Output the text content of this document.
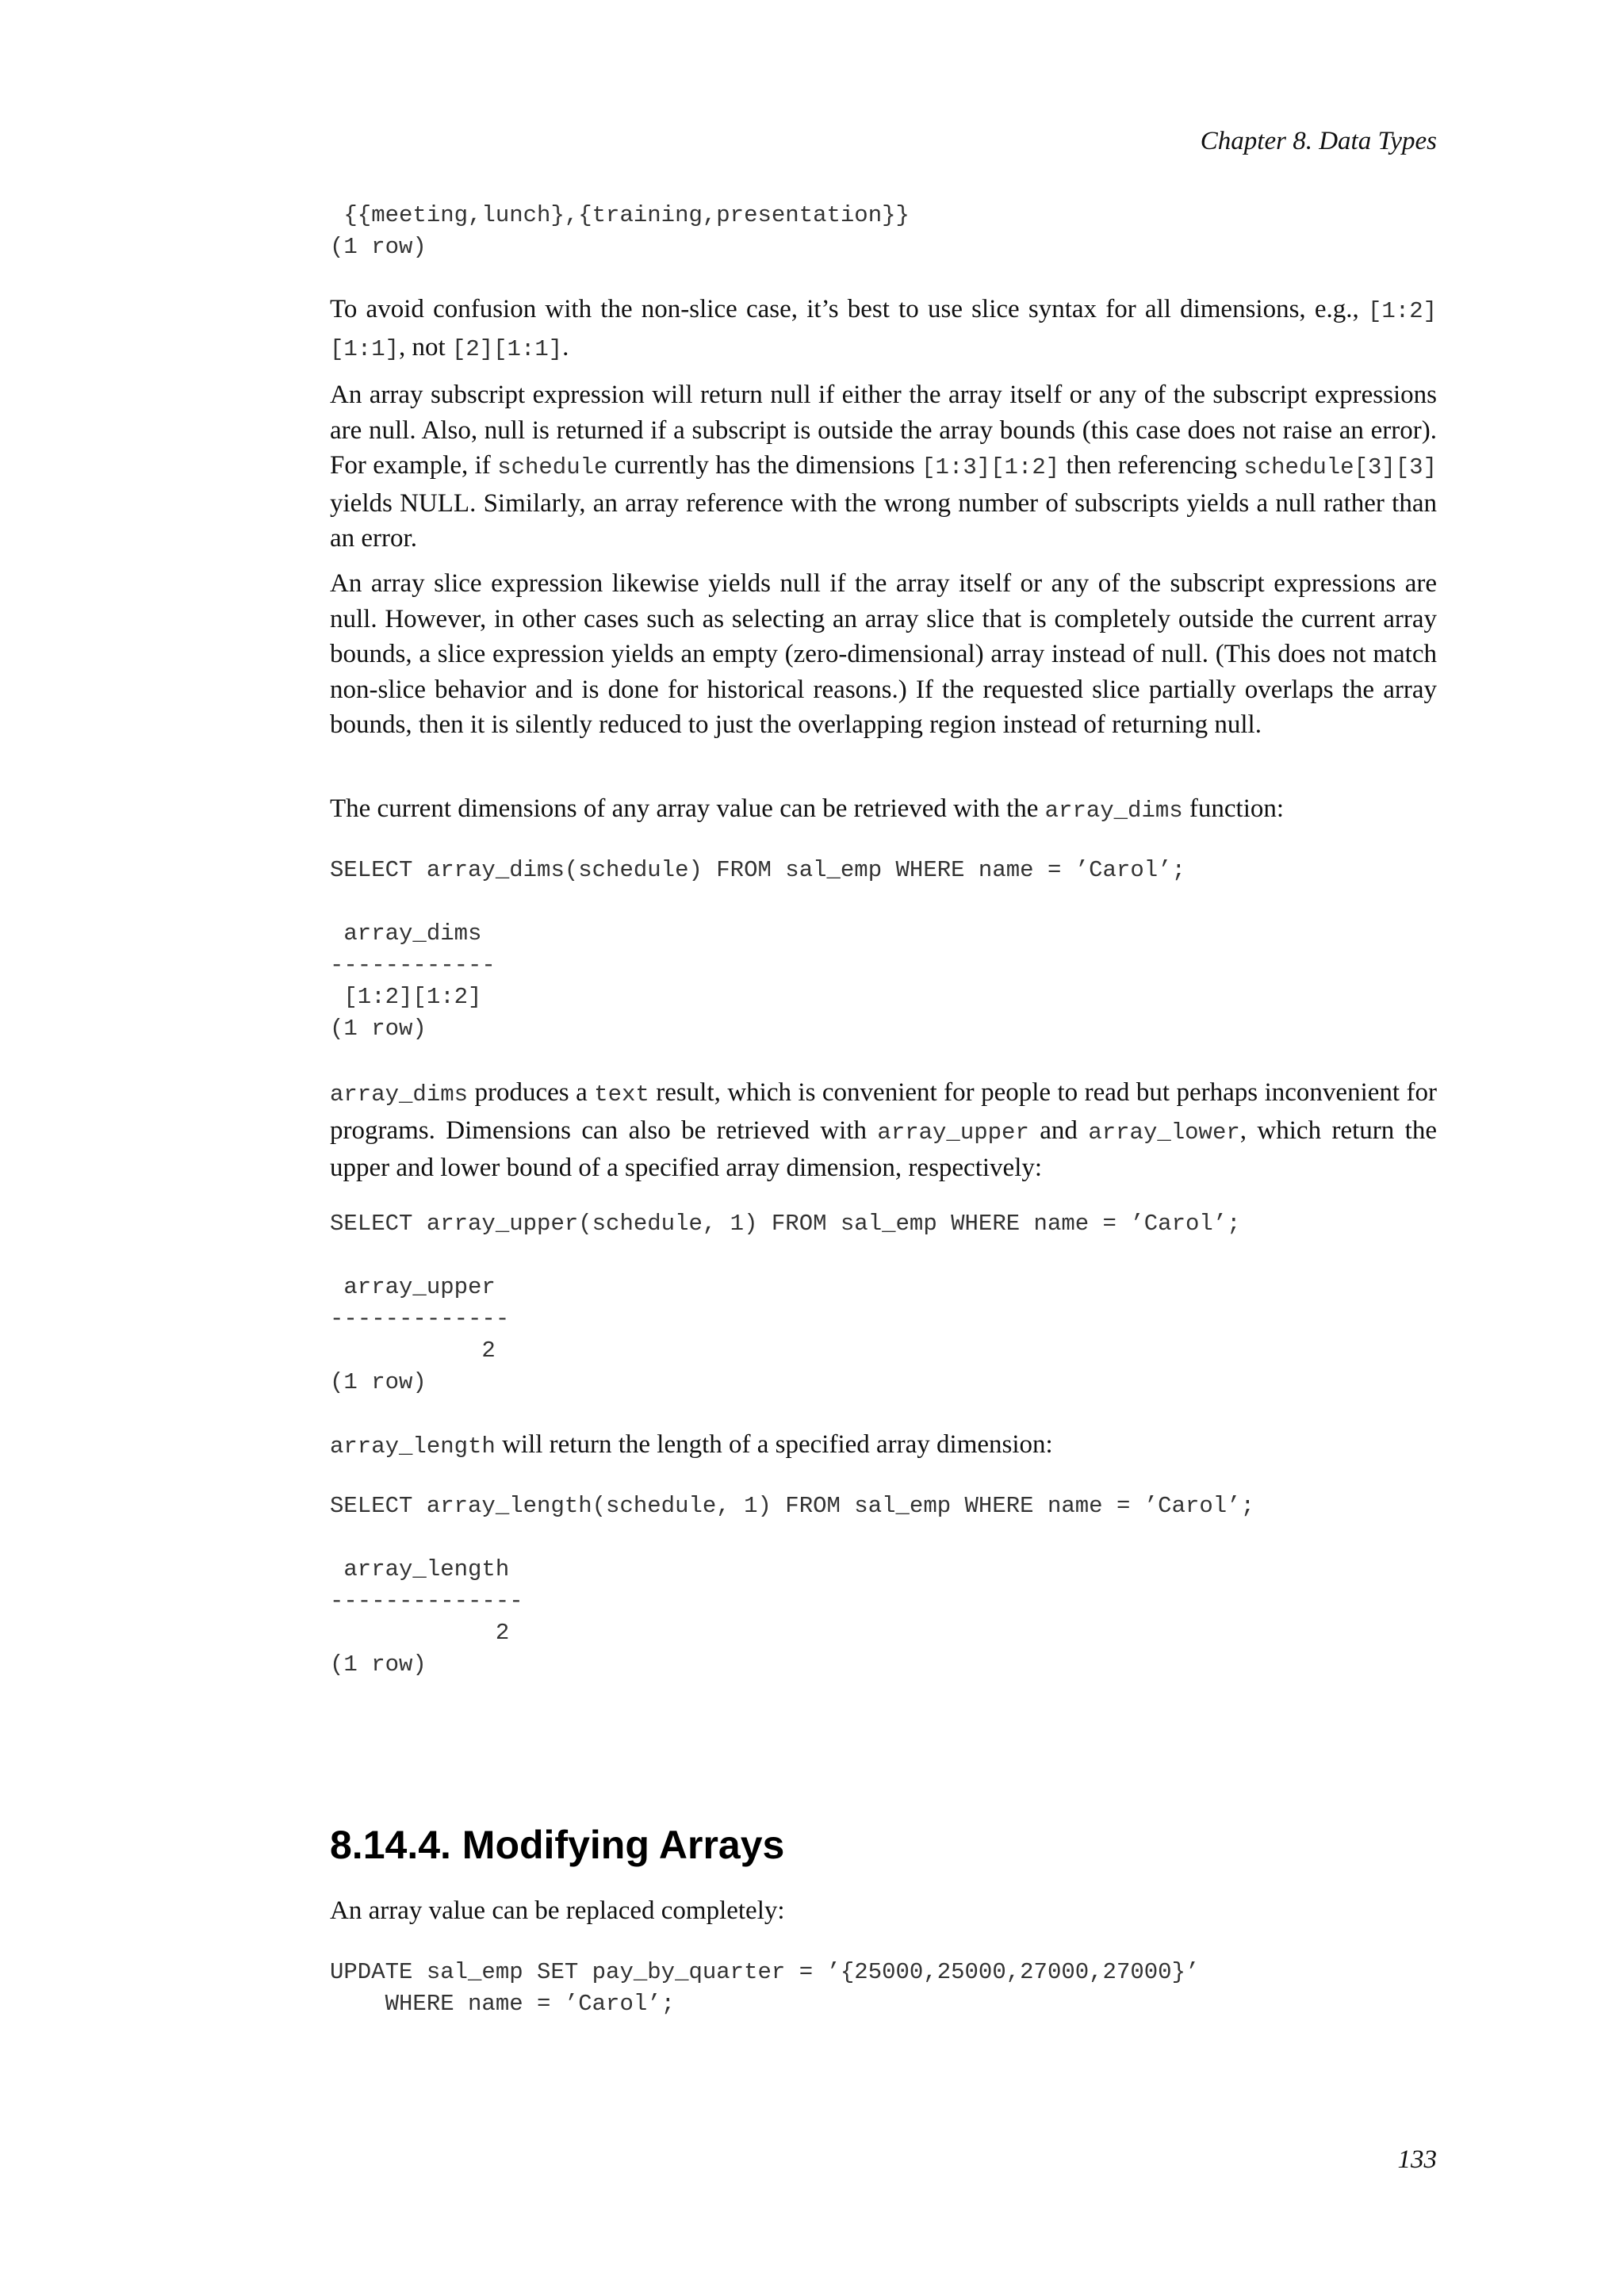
Chapter 8. Data Types
{{meeting,lunch},{training,presentation}}
(1 row)

To avoid confusion with the non-slice case, it’s best to use slice syntax for all dimensions, e.g., [1:2][1:1], not [2][1:1].

An array subscript expression will return null if either the array itself or any of the subscript expressions are null. Also, null is returned if a subscript is outside the array bounds (this case does not raise an error). For example, if schedule currently has the dimensions [1:3][1:2] then referencing schedule[3][3] yields NULL. Similarly, an array reference with the wrong number of subscripts yields a null rather than an error.

An array slice expression likewise yields null if the array itself or any of the subscript expressions are null. However, in other cases such as selecting an array slice that is completely outside the current array bounds, a slice expression yields an empty (zero-dimensional) array instead of null. (This does not match non-slice behavior and is done for historical reasons.) If the requested slice partially overlaps the array bounds, then it is silently reduced to just the overlapping region instead of returning null.

The current dimensions of any array value can be retrieved with the array_dims function:

SELECT array_dims(schedule) FROM sal_emp WHERE name = ’Carol’;

array_dims
------------
[1:2][1:2]
(1 row)

array_dims produces a text result, which is convenient for people to read but perhaps inconvenient for programs. Dimensions can also be retrieved with array_upper and array_lower, which return the upper and lower bound of a specified array dimension, respectively:

SELECT array_upper(schedule, 1) FROM sal_emp WHERE name = ’Carol’;

array_upper
-------------
2
(1 row)

array_length will return the length of a specified array dimension:

SELECT array_length(schedule, 1) FROM sal_emp WHERE name = ’Carol’;

array_length
--------------
2
(1 row)
8.14.4. Modifying Arrays

An array value can be replaced completely:

UPDATE sal_emp SET pay_by_quarter = ’{25000,25000,27000,27000}’
WHERE name = ’Carol’;
133
